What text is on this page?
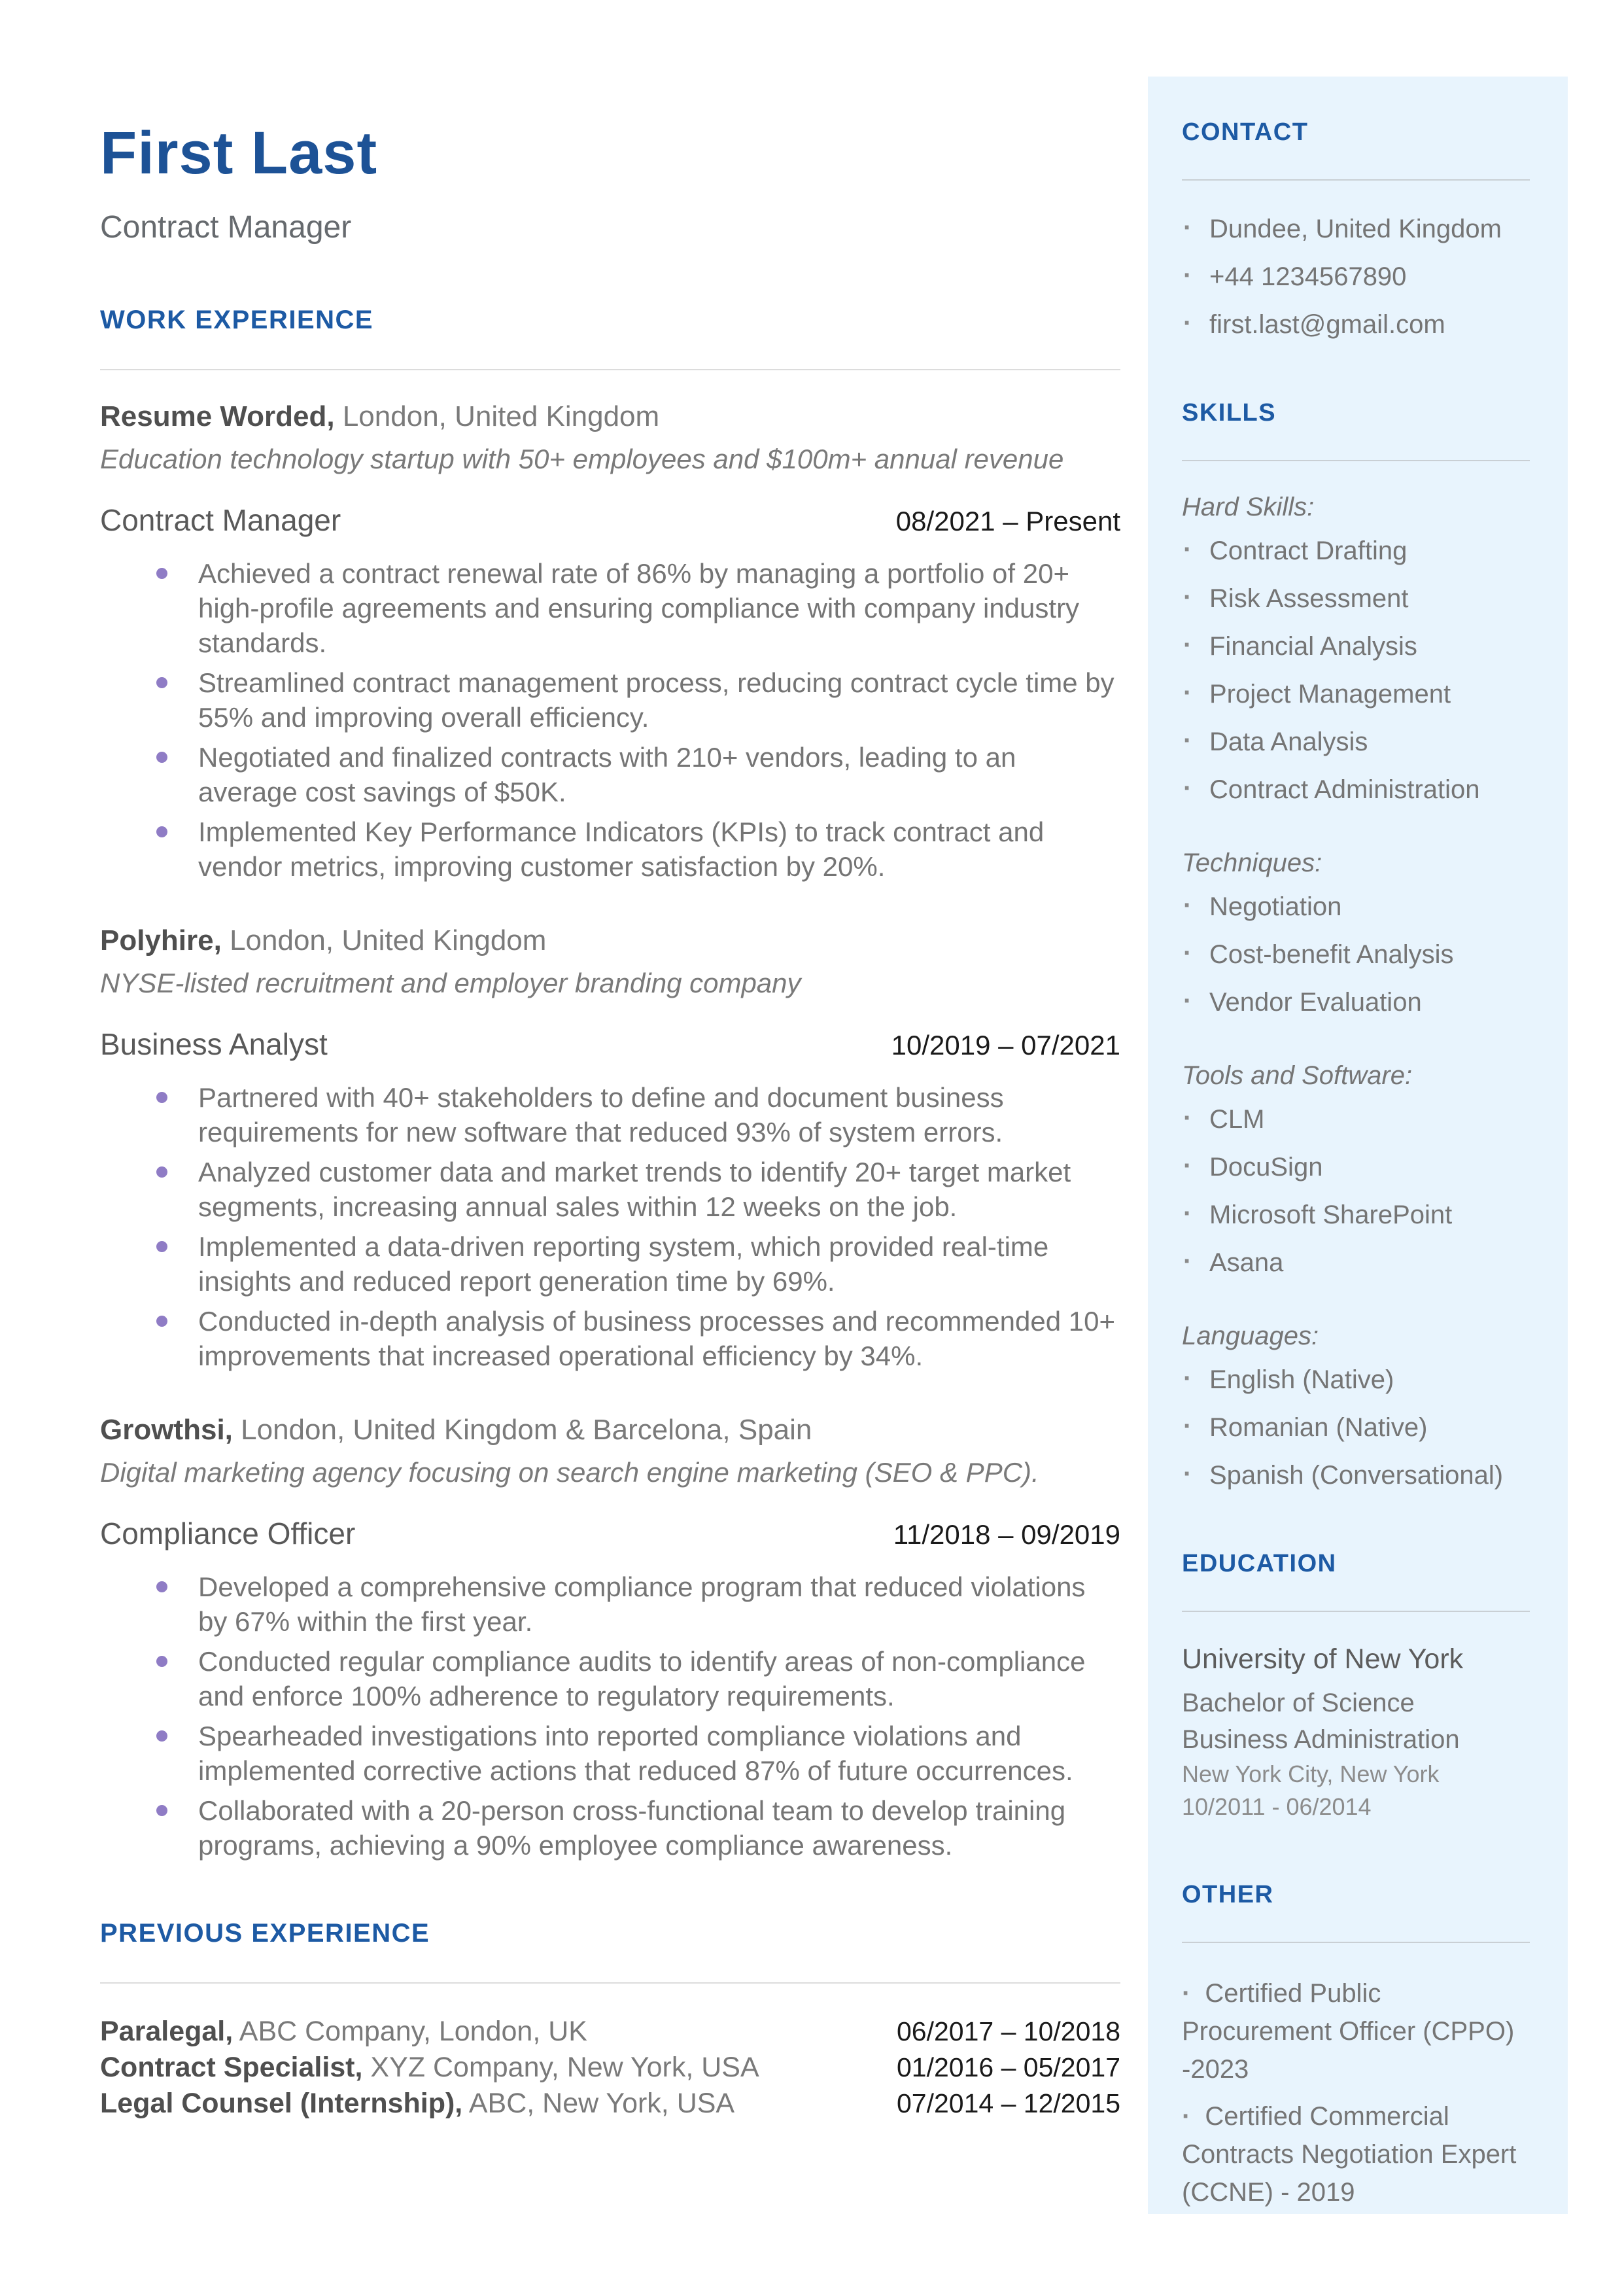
First Last
Contract Manager
WORK EXPERIENCE
Resume Worded, London, United Kingdom
Education technology startup with 50+ employees and $100m+ annual revenue
Contract Manager	08/2021 – Present
Achieved a contract renewal rate of 86% by managing a portfolio of 20+ high-profile agreements and ensuring compliance with company industry standards.
Streamlined contract management process, reducing contract cycle time by 55% and improving overall efficiency.
Negotiated and finalized contracts with 210+ vendors, leading to an average cost savings of $50K.
Implemented Key Performance Indicators (KPIs) to track contract and vendor metrics, improving customer satisfaction by 20%.
Polyhire, London, United Kingdom
NYSE-listed recruitment and employer branding company
Business Analyst	10/2019 – 07/2021
Partnered with 40+ stakeholders to define and document business requirements for new software that reduced 93% of system errors.
Analyzed customer data and market trends to identify 20+ target market segments, increasing annual sales within 12 weeks on the job.
Implemented a data-driven reporting system, which provided real-time insights and reduced report generation time by 69%.
Conducted in-depth analysis of business processes and recommended 10+ improvements that increased operational efficiency by 34%.
Growthsi, London, United Kingdom & Barcelona, Spain
Digital marketing agency focusing on search engine marketing (SEO & PPC).
Compliance Officer	11/2018 – 09/2019
Developed a comprehensive compliance program that reduced violations by 67% within the first year.
Conducted regular compliance audits to identify areas of non-compliance and enforce 100% adherence to regulatory requirements.
Spearheaded investigations into reported compliance violations and implemented corrective actions that reduced 87% of future occurrences.
Collaborated with a 20-person cross-functional team to develop training programs, achieving a 90% employee compliance awareness.
PREVIOUS EXPERIENCE
Paralegal, ABC Company, London, UK	06/2017 – 10/2018
Contract Specialist, XYZ Company, New York, USA	01/2016 – 05/2017
Legal Counsel (Internship), ABC, New York, USA	07/2014 – 12/2015
CONTACT
· Dundee, United Kingdom
· +44 1234567890
· first.last@gmail.com
SKILLS

Hard Skills:

· Contract Drafting
· Risk Assessment
· Financial Analysis
· Project Management
· Data Analysis
· Contract Administration

Techniques:

· Negotiation
· Cost-benefit Analysis
· Vendor Evaluation

Tools and Software:

· CLM
· DocuSign
· Microsoft SharePoint
· Asana

Languages:

· English (Native)
· Romanian (Native)
· Spanish (Conversational)
EDUCATION
University of New York
Bachelor of Science
Business Administration
New York City, New York
10/2011 - 06/2014
OTHER
· Certified Public Procurement Officer (CPPO) -2023
· Certified Commercial Contracts Negotiation Expert (CCNE) - 2019
